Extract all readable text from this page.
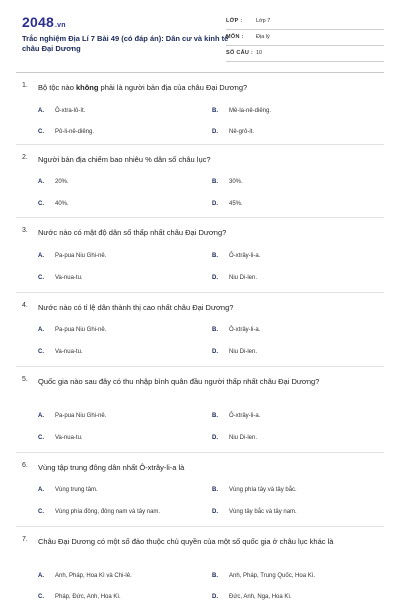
2048.vn
Trắc nghiệm Địa Lí 7 Bài 49 (có đáp án): Dân cư và kinh tế châu Đại Dương
LỚP : Lớp 7
MÔN : Địa lý
SỐ CÂU : 10
1. Bộ tộc nào không phải là người bản địa của châu Đại Dương?
A. Ô-xtra-lô-ít.	B. Mê-la-nê-diêng.
C. Pô-li-nê-diêng.	D. Nê-grô-it.
2. Người bản địa chiếm bao nhiêu % dân số châu lục?
A. 20%.	B. 30%.
C. 40%.	D. 45%.
3. Nước nào có mật độ dân số thấp nhất châu Đại Dương?
A. Pa-pua Niu Ghi-nê.	B. Ô-xtrây-li-a.
C. Va-nua-tu.	D. Niu Di-len.
4. Nước nào có tỉ lệ dân thành thị cao nhất châu Đại Dương?
A. Pa-pua Niu Ghi-nê.	B. Ô-xtrây-li-a.
C. Va-nua-tu.	D. Niu Di-len.
5. Quốc gia nào sau đây có thu nhập bình quân đầu người thấp nhất châu Đại Dương?
A. Pa-pua Niu Ghi-nê.	B. Ô-xtrây-li-a.
C. Va-nua-tu.	D. Niu Di-len.
6. Vùng tập trung đông dân nhất Ô-xtrây-li-a là
A. Vùng trung tâm.	B. Vùng phía tây và tây bắc.
C. Vùng phía đông, đông nam và tây nam.	D. Vùng tây bắc và tây nam.
7. Châu Đại Dương có một số đảo thuộc chủ quyền của một số quốc gia ở châu lục khác là
A. Anh, Pháp, Hoa Kì và Chi-lê.	B. Anh, Pháp, Trung Quốc, Hoa Kì.
C. Pháp, Đức, Anh, Hoa Kì.	D. Đức, Anh, Nga, Hoa Kì.
